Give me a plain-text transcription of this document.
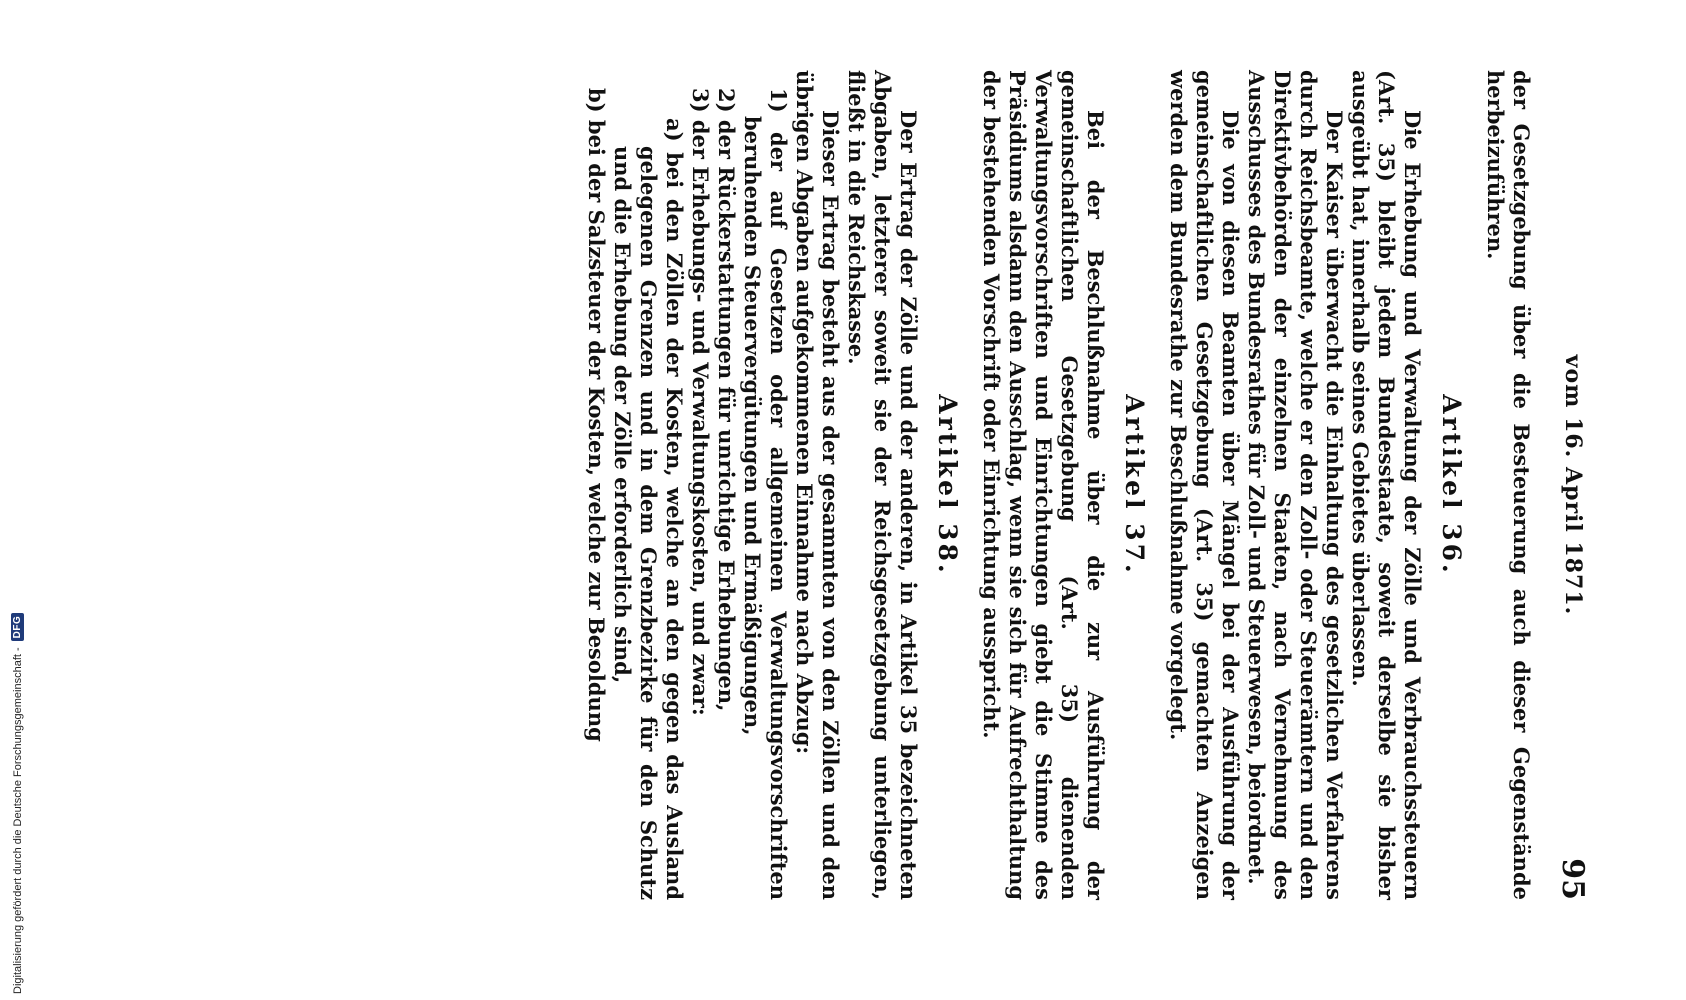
vom 16. April 1871.
95

der Gesetzgebung über die Besteuerung auch dieser Gegenstände herbeizuführen.

Artikel 36.

Die Erhebung und Verwaltung der Zölle und Verbrauchssteuern (Art. 35) bleibt jedem Bundesstaate, soweit derselbe sie bisher ausgeübt hat, innerhalb seines Gebietes überlassen.

Der Kaiser überwacht die Einhaltung des gesetzlichen Verfahrens durch Reichsbeamte, welche er den Zoll- oder Steuerämtern und den Direktivbehörden der einzelnen Staaten, nach Vernehmung des Ausschusses des Bundesrathes für Zoll- und Steuerwesen, beiordnet.

Die von diesen Beamten über Mängel bei der Ausführung der gemeinschaftlichen Gesetzgebung (Art. 35) gemachten Anzeigen werden dem Bundesrathe zur Beschlußnahme vorgelegt.

Artikel 37.

Bei der Beschlußnahme über die zur Ausführung der gemeinschaftlichen Gesetzgebung (Art. 35) dienenden Verwaltungsvorschriften und Einrichtungen giebt die Stimme des Präsidiums alsdann den Ausschlag, wenn sie sich für Aufrechthaltung der bestehenden Vorschrift oder Einrichtung ausspricht.

Artikel 38.

Der Ertrag der Zölle und der anderen, in Artikel 35 bezeichneten Abgaben, letzterer soweit sie der Reichsgesetzgebung unterliegen, fließt in die Reichskasse.

Dieser Ertrag besteht aus der gesammten von den Zöllen und den übrigen Abgaben aufgekommenen Einnahme nach Abzug:

1) der auf Gesetzen oder allgemeinen Verwaltungsvorschriften beruhenden Steuervergütungen und Ermäßigungen,

2) der Rückerstattungen für unrichtige Erhebungen,

3) der Erhebungs- und Verwaltungskosten, und zwar:

a) bei den Zöllen der Kosten, welche an den gegen das Ausland gelegenen Grenzen und in dem Grenzbezirke für den Schutz und die Erhebung der Zölle erforderlich sind,

b) bei der Salzsteuer der Kosten, welche zur Besoldung

Digitalisierung gefördert durch die Deutsche Forschungsgemeinschaft -
DFG
